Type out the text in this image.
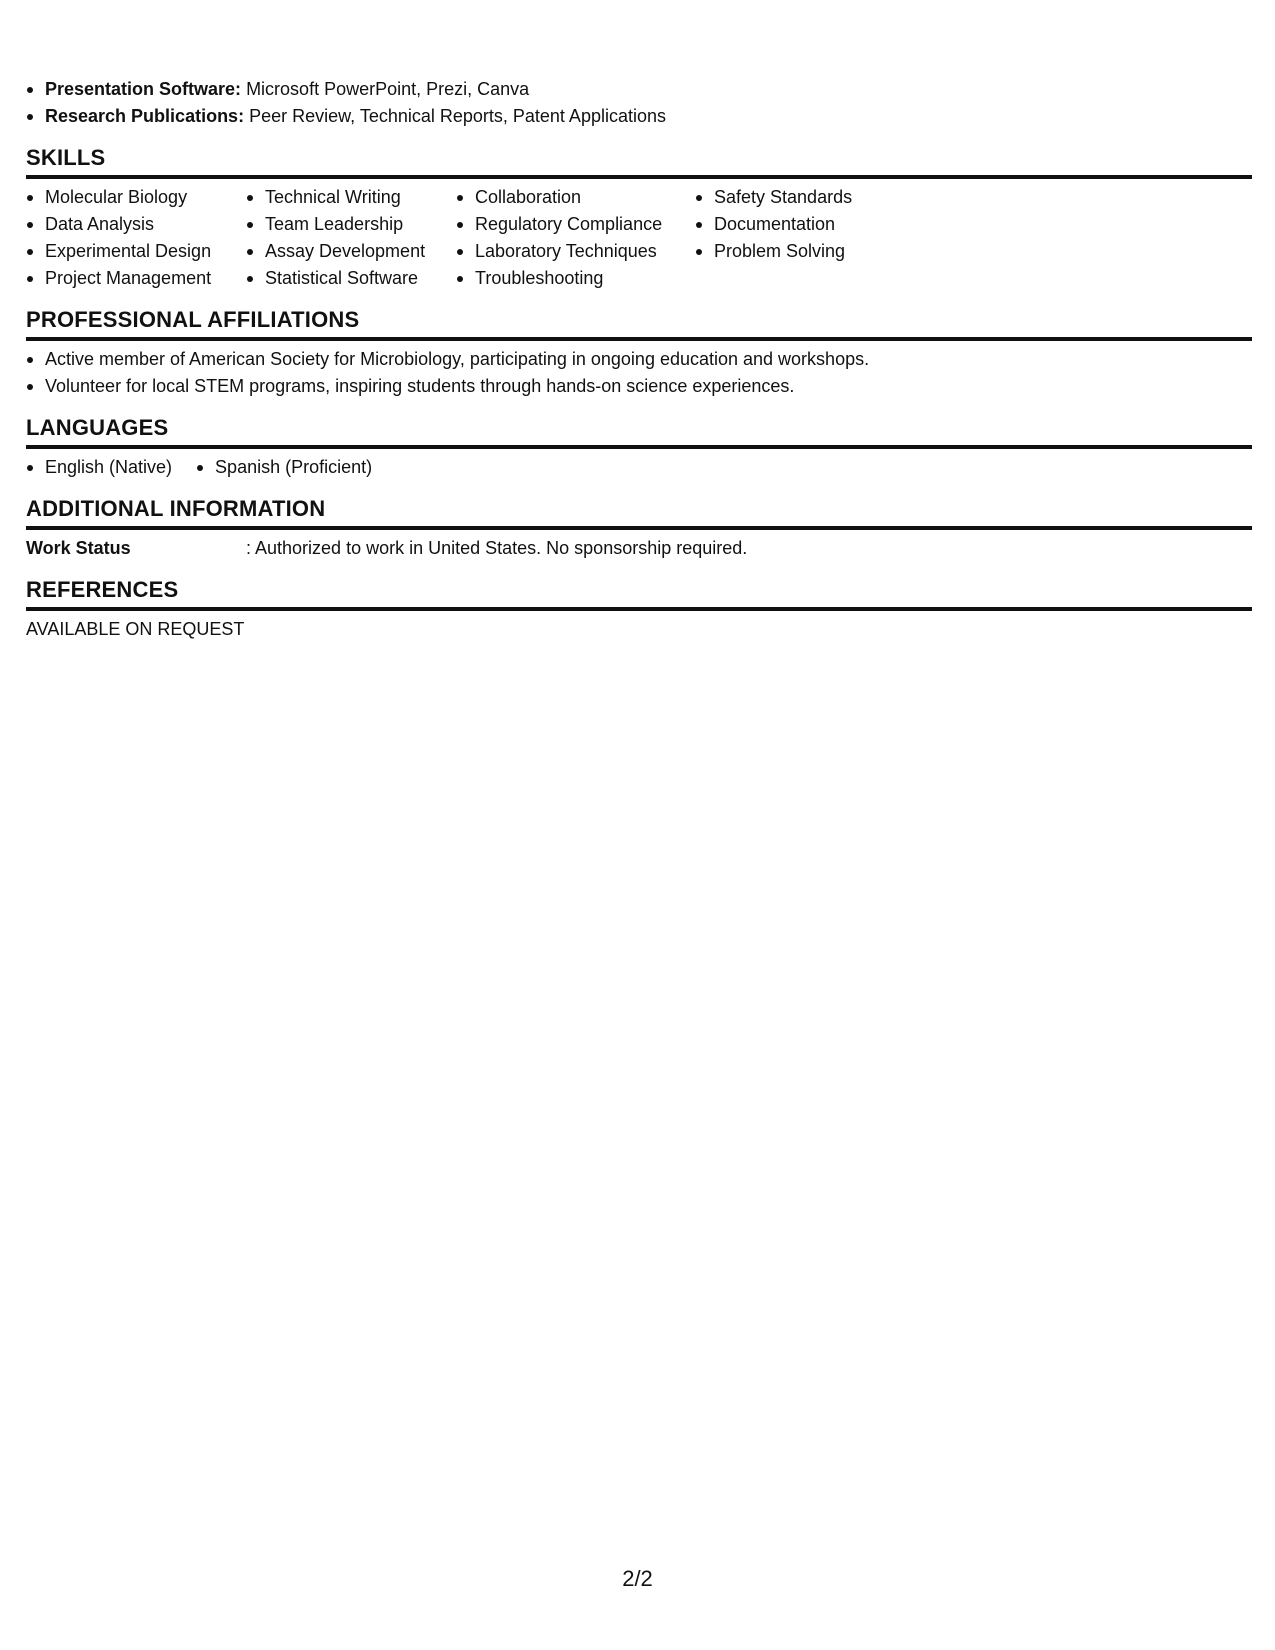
Presentation Software: Microsoft PowerPoint, Prezi, Canva
Research Publications: Peer Review, Technical Reports, Patent Applications
SKILLS
Molecular Biology
Data Analysis
Experimental Design
Project Management
Technical Writing
Team Leadership
Assay Development
Statistical Software
Collaboration
Regulatory Compliance
Laboratory Techniques
Troubleshooting
Safety Standards
Documentation
Problem Solving
PROFESSIONAL AFFILIATIONS
Active member of American Society for Microbiology, participating in ongoing education and workshops.
Volunteer for local STEM programs, inspiring students through hands-on science experiences.
LANGUAGES
English (Native)	Spanish (Proficient)
ADDITIONAL INFORMATION
Work Status	: Authorized to work in United States. No sponsorship required.
REFERENCES
AVAILABLE ON REQUEST
2/2
